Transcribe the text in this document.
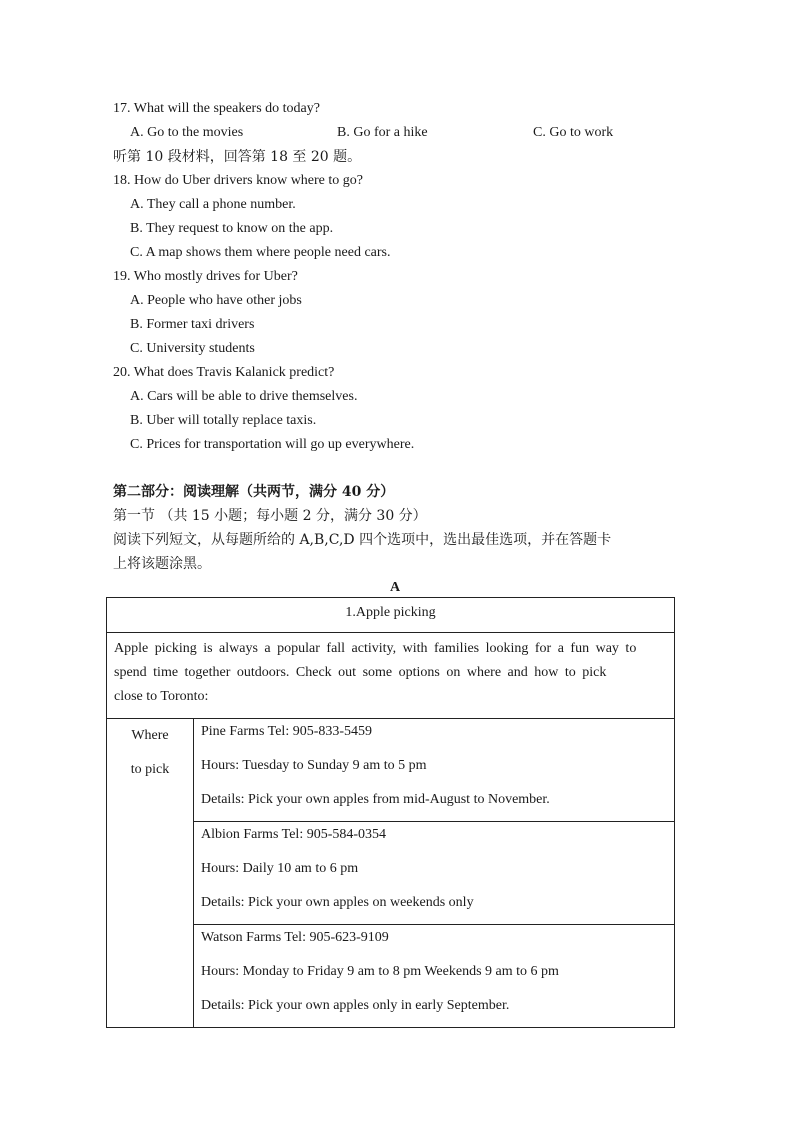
17. What will the speakers do today?
A. Go to the movies	B. Go for a hike	C. Go to work
听第 10 段材料，回答第 18 至 20 题。
18. How do Uber drivers know where to go?
A. They call a phone number.
B. They request to know on the app.
C. A map shows them where people need cars.
19. Who mostly drives for Uber?
A. People who have other jobs
B. Former taxi drivers
C. University students
20. What does Travis Kalanick predict?
A. Cars will be able to drive themselves.
B. Uber will totally replace taxis.
C. Prices for transportation will go up everywhere.
第二部分：阅读理解（共两节，满分 40 分）
第一节 （共 15 小题；每小题 2 分，满分 30 分）
阅读下列短文，从每题所给的 A,B,C,D 四个选项中，选出最佳选项，并在答题卡
上将该题涂黑。
A
1.Apple picking

Apple picking is always a popular fall activity, with families looking for a fun way to
spend time together outdoors. Check out some options on where and how to pick
close to Toronto:

Where
to pick

Pine Farms Tel: 905-833-5459
Hours: Tuesday to Sunday 9 am to 5 pm
Details: Pick your own apples from mid-August to November.

Albion Farms Tel: 905-584-0354
Hours: Daily 10 am to 6 pm
Details: Pick your own apples on weekends only

Watson Farms Tel: 905-623-9109
Hours: Monday to Friday 9 am to 8 pm Weekends 9 am to 6 pm
Details: Pick your own apples only in early September.
